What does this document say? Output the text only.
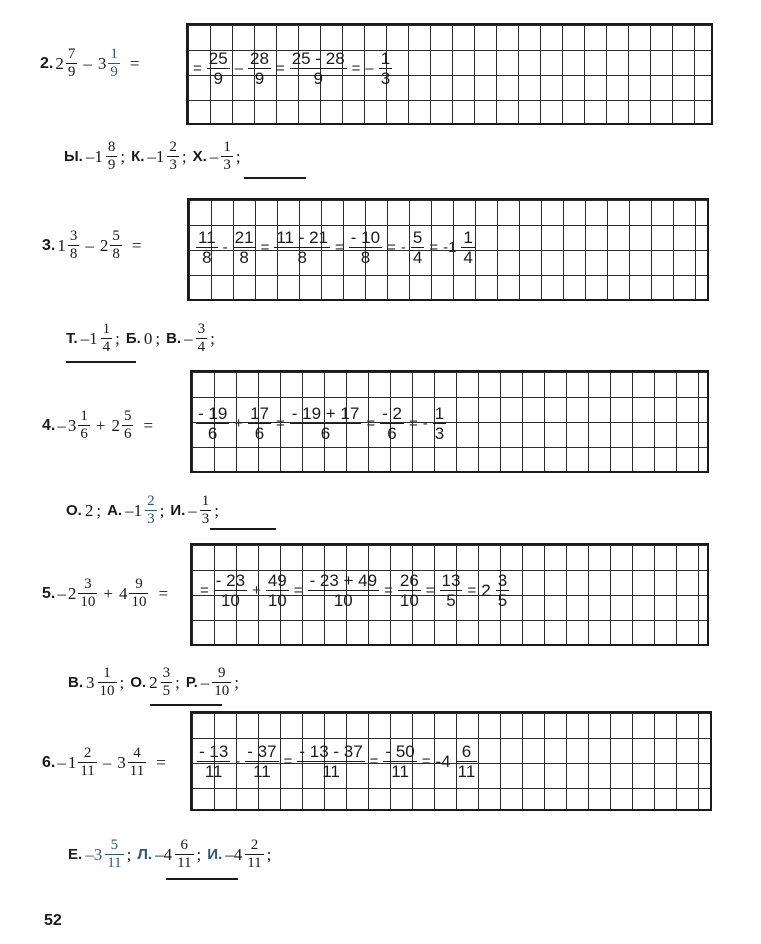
2. $2 \frac{7}{9} - 3 \frac{1}{9}$ =	= $\frac{25}{9} - \frac{28}{9} = \frac{25 - 28}{9}$ = – $\frac{1}{3}$
Ы. $-1 \frac{8}{9}$ ; К. $-1 \frac{2}{3}$ ; Х. – $\frac{1}{3}$ ;
3. $1 \frac{3}{8} - 2 \frac{5}{8}$ =	$\frac{11}{8} - \frac{21}{8} = \frac{11 - 21}{8} = \frac{- 10}{8}$ = - $\frac{5}{4} = -1 \frac{1}{4}$
Т. $-1 \frac{1}{4}$ ; Б. 0 ; В. – $\frac{3}{4}$ ;
4. – $3 \frac{1}{6} + 2 \frac{5}{6}$ =	$\frac{- 19}{6} + \frac{17}{6} = \frac{- 19 + 17}{6} = \frac{- 2}{6}$ = - $\frac{1}{3}$
О. 2 ; А. $-1 \frac{2}{3}$ ; И. – $\frac{1}{3}$ ;
5. – $2 \frac{3}{10} + 4 \frac{9}{10}$ = = $\frac{- 23}{10} + \frac{49}{10} = \frac{- 23 + 49}{10} = \frac{26}{10} = \frac{13}{5} = 2 \frac{3}{5}$
В. $3 \frac{1}{10}$ ; О. $2 \frac{3}{5}$ ; Р. – $\frac{9}{10}$ ;
6. – $1 \frac{2}{11} - 3 \frac{4}{11} = \frac{- 13}{11} - \frac{- 37}{11} = \frac{- 13 - 37}{11} = \frac{- 50}{11} = -4 \frac{6}{11}$
Е. $-3 \frac{5}{11}$ ; Л. $-4 \frac{6}{11}$ ; И. $-4 \frac{2}{11}$ ;
52
